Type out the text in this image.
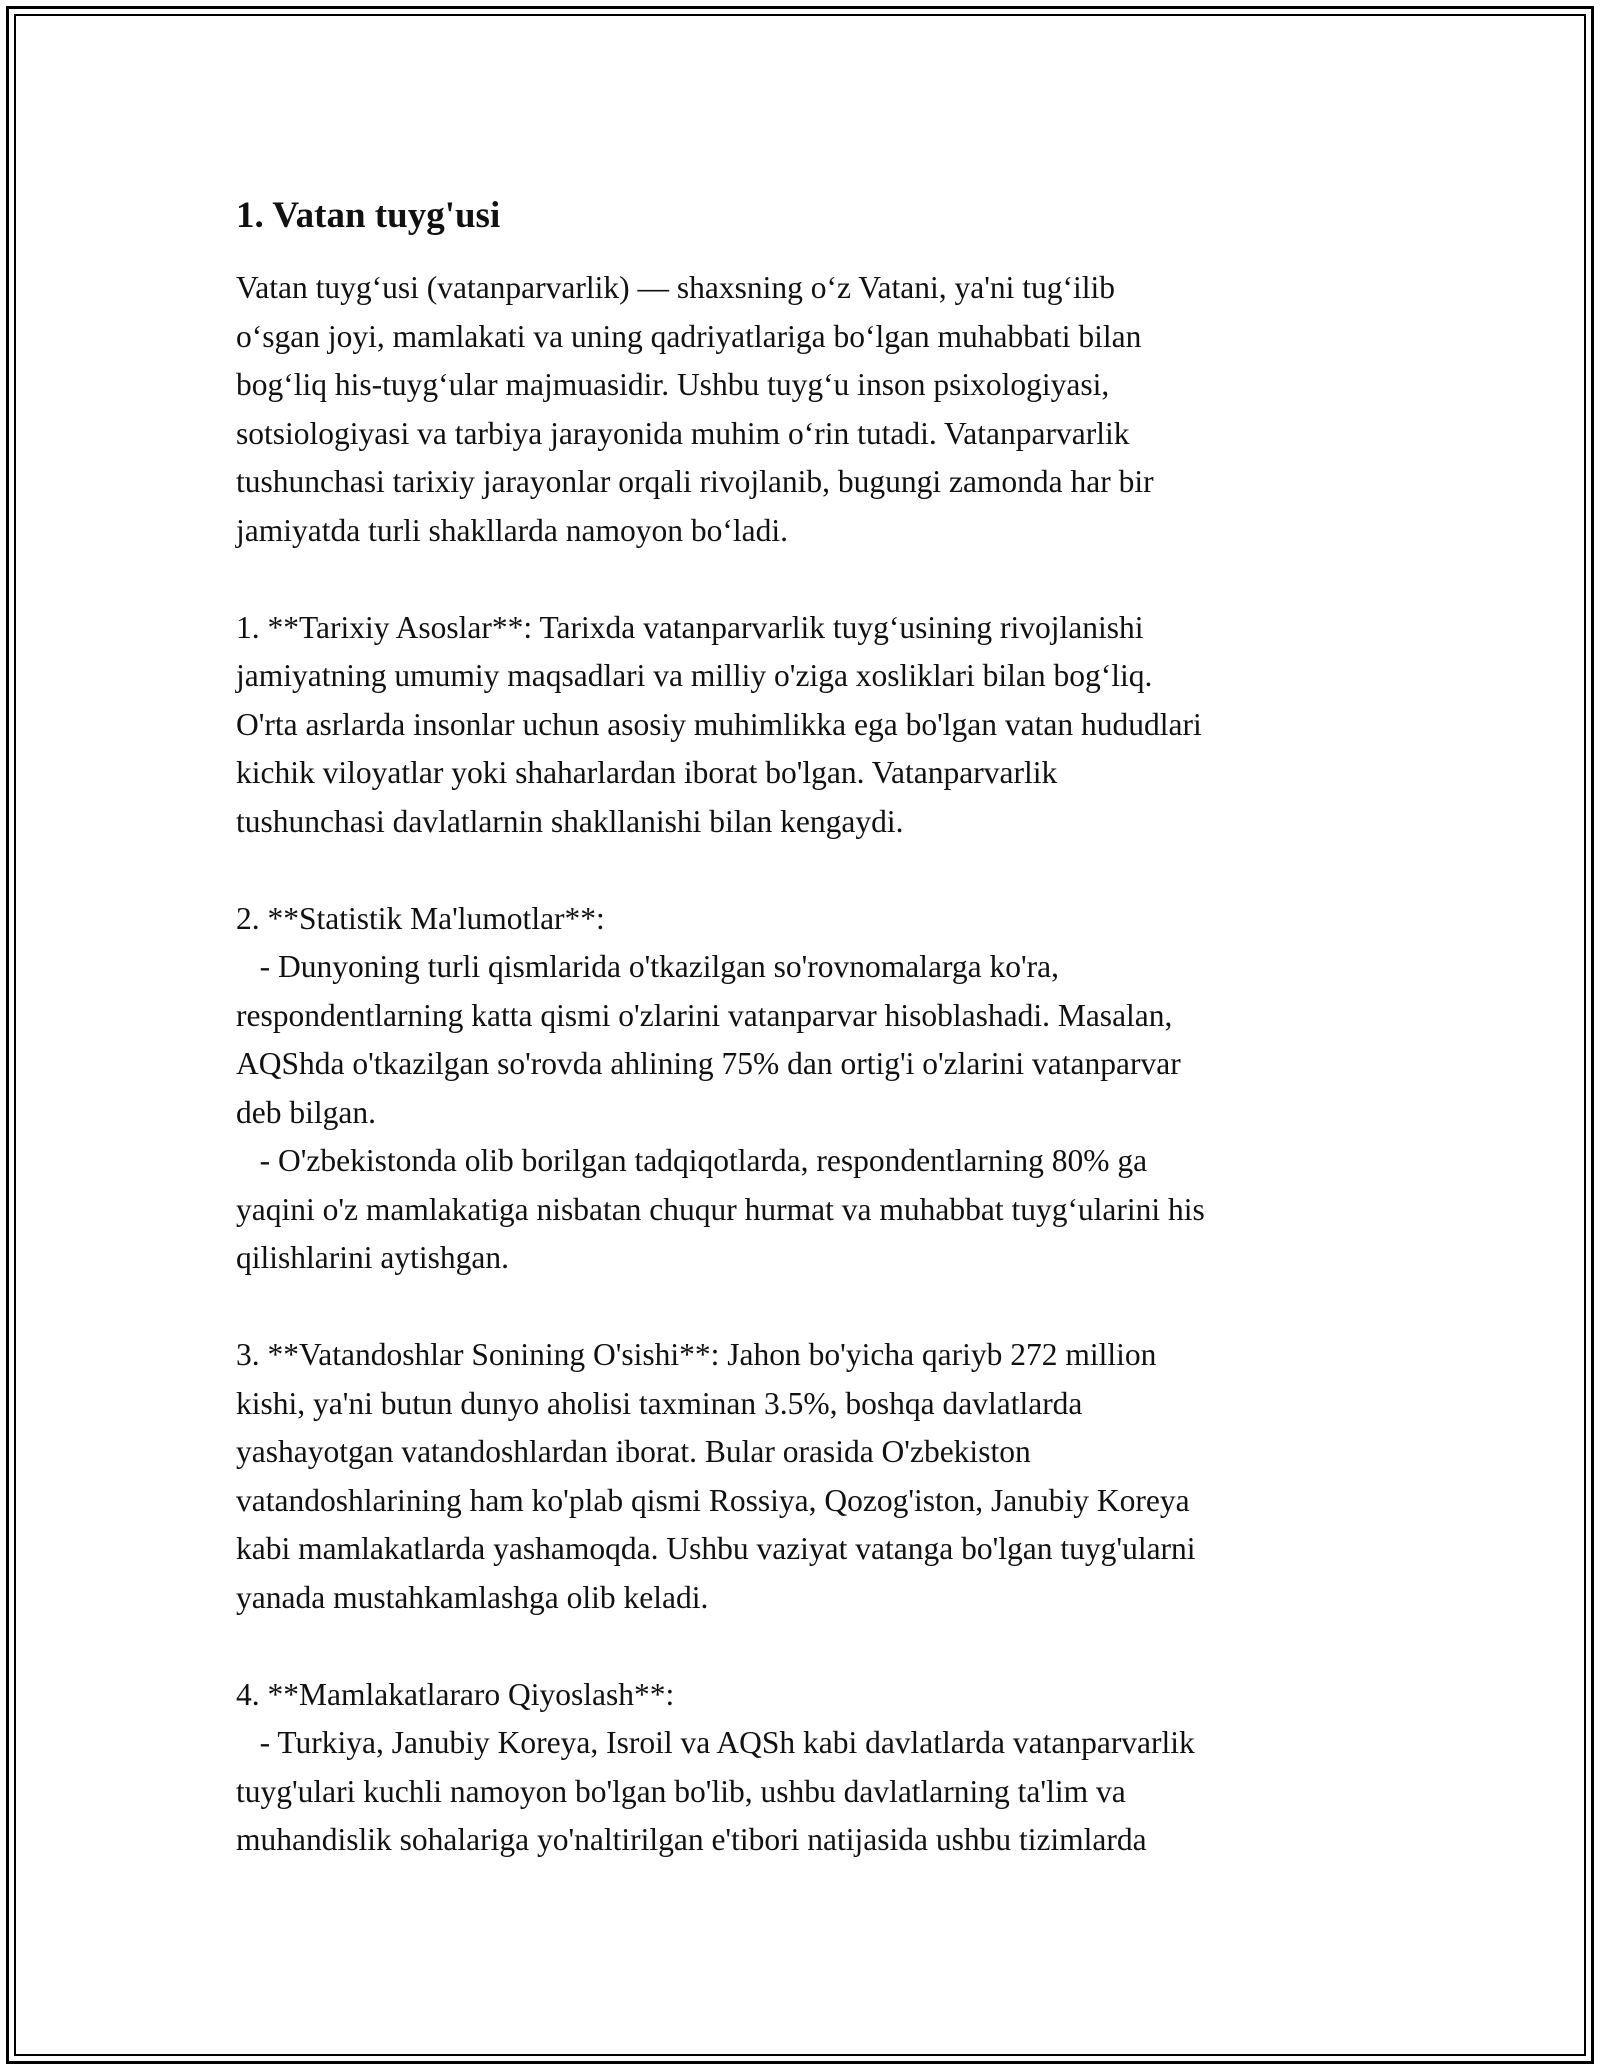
1. Vatan tuyg'usi

Vatan tuyg‘usi (vatanparvarlik) — shaxsning o‘z Vatani, ya'ni tug‘ilib
o‘sgan joyi, mamlakati va uning qadriyatlariga bo‘lgan muhabbati bilan
bog‘liq his-tuyg‘ular majmuasidir. Ushbu tuyg‘u inson psixologiyasi,
sotsiologiyasi va tarbiya jarayonida muhim o‘rin tutadi. Vatanparvarlik
tushunchasi tarixiy jarayonlar orqali rivojlanib, bugungi zamonda har bir
jamiyatda turli shakllarda namoyon bo‘ladi.

1. **Tarixiy Asoslar**: Tarixda vatanparvarlik tuyg‘usining rivojlanishi
jamiyatning umumiy maqsadlari va milliy o'ziga xosliklari bilan bog‘liq.
O'rta asrlarda insonlar uchun asosiy muhimlikka ega bo'lgan vatan hududlari
kichik viloyatlar yoki shaharlardan iborat bo'lgan. Vatanparvarlik
tushunchasi davlatlarnin shakllanishi bilan kengaydi.

2. **Statistik Ma'lumotlar**:
- Dunyoning turli qismlarida o'tkazilgan so'rovnomalarga ko'ra,
respondentlarning katta qismi o'zlarini vatanparvar hisoblashadi. Masalan,
AQShda o'tkazilgan so'rovda ahlining 75% dan ortig'i o'zlarini vatanparvar
deb bilgan.
- O'zbekistonda olib borilgan tadqiqotlarda, respondentlarning 80% ga
yaqini o'z mamlakatiga nisbatan chuqur hurmat va muhabbat tuyg‘ularini his
qilishlarini aytishgan.

3. **Vatandoshlar Sonining O'sishi**: Jahon bo'yicha qariyb 272 million
kishi, ya'ni butun dunyo aholisi taxminan 3.5%, boshqa davlatlarda
yashayotgan vatandoshlardan iborat. Bular orasida O'zbekiston
vatandoshlarining ham ko'plab qismi Rossiya, Qozog'iston, Janubiy Koreya
kabi mamlakatlarda yashamoqda. Ushbu vaziyat vatanga bo'lgan tuyg'ularni
yanada mustahkamlashga olib keladi.

4. **Mamlakatlararo Qiyoslash**:
- Turkiya, Janubiy Koreya, Isroil va AQSh kabi davlatlarda vatanparvarlik
tuyg'ulari kuchli namoyon bo'lgan bo'lib, ushbu davlatlarning ta'lim va
muhandislik sohalariga yo'naltirilgan e'tibori natijasida ushbu tizimlarda
